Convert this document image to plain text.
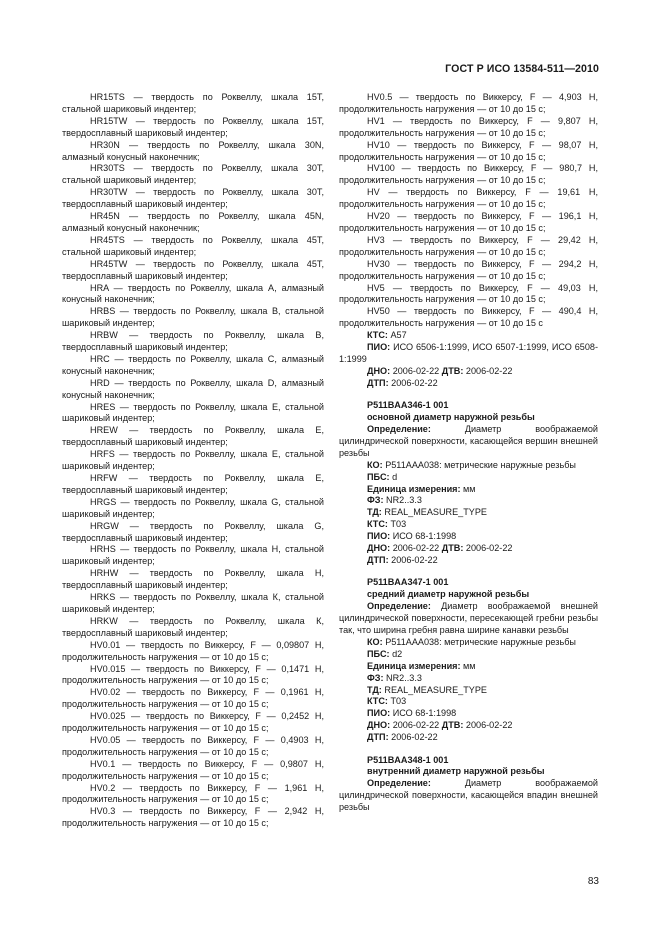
ГОСТ Р ИСО 13584-511—2010

HR15TS — твердость по Роквеллу, шкала 15T, стальной шариковый индентер;

HR15TW — твердость по Роквеллу, шкала 15T, твердосплавный шариковый индентер;

HR30N — твердость по Роквеллу, шкала 30N, алмазный конусный наконечник;

HR30TS — твердость по Роквеллу, шкала 30T, стальной шариковый индентер;

HR30TW — твердость по Роквеллу, шкала 30T, твердосплавный шариковый индентер;

HR45N — твердость по Роквеллу, шкала 45N, алмазный конусный наконечник;

HR45TS — твердость по Роквеллу, шкала 45T, стальной шариковый индентер;

HR45TW — твердость по Роквеллу, шкала 45T, твердосплавный шариковый индентер;

HRA — твердость по Роквеллу, шкала А, алмазный конусный наконечник;

HRBS — твердость по Роквеллу, шкала В, стальной шариковый индентер;

HRBW — твердость по Роквеллу, шкала В, твердосплавный шариковый индентер;

HRC — твердость по Роквеллу, шкала С, алмазный конусный наконечник;

HRD — твердость по Роквеллу, шкала D, алмазный конусный наконечник;

HRES — твердость по Роквеллу, шкала Е, стальной шариковый индентер;

HREW — твердость по Роквеллу, шкала Е, твердосплавный шариковый индентер;

HRFS — твердость по Роквеллу, шкала Е, стальной шариковый индентер;

HRFW — твердость по Роквеллу, шкала Е, твердосплавный шариковый индентер;

HRGS — твердость по Роквеллу, шкала G, стальной шариковый индентер;

HRGW — твердость по Роквеллу, шкала G, твердосплавный шариковый индентер;

HRHS — твердость по Роквеллу, шкала Н, стальной шариковый индентер;

HRHW — твердость по Роквеллу, шкала Н, твердосплавный шариковый индентер;

HRKS — твердость по Роквеллу, шкала К, стальной шариковый индентер;

HRKW — твердость по Роквеллу, шкала К, твердосплавный шариковый индентер;

HV0.01 — твердость по Виккерсу, F — 0,09807 Н, продолжительность нагружения — от 10 до 15 с;

HV0.015 — твердость по Виккерсу, F — 0,1471 Н, продолжительность нагружения — от 10 до 15 с;

HV0.02 — твердость по Виккерсу, F — 0,1961 Н, продолжительность нагружения — от 10 до 15 с;

HV0.025 — твердость по Виккерсу, F — 0,2452 Н, продолжительность нагружения — от 10 до 15 с;

HV0.05 — твердость по Виккерсу, F — 0,4903 Н, продолжительность нагружения — от 10 до 15 с;

HV0.1 — твердость по Виккерсу, F — 0,9807 Н, продолжительность нагружения — от 10 до 15 с;

HV0.2 — твердость по Виккерсу, F — 1,961 Н, продолжительность нагружения — от 10 до 15 с;

HV0.3 — твердость по Виккерсу, F — 2,942 Н, продолжительность нагружения — от 10 до 15 с;

HV0.5 — твердость по Виккерсу, F — 4,903 Н, продолжительность нагружения — от 10 до 15 с;

HV1 — твердость по Виккерсу, F — 9,807 Н, продолжительность нагружения — от 10 до 15 с;

HV10 — твердость по Виккерсу, F — 98,07 Н, продолжительность нагружения — от 10 до 15 с;

HV100 — твердость по Виккерсу, F — 980,7 Н, продолжительность нагружения — от 10 до 15 с;

HV — твердость по Виккерсу, F — 19,61 Н, продолжительность нагружения — от 10 до 15 с;

HV20 — твердость по Виккерсу, F — 196,1 Н, продолжительность нагружения — от 10 до 15 с;

HV3 — твердость по Виккерсу, F — 29,42 Н, продолжительность нагружения — от 10 до 15 с;

HV30 — твердость по Виккерсу, F — 294,2 Н, продолжительность нагружения — от 10 до 15 с;

HV5 — твердость по Виккерсу, F — 49,03 Н, продолжительность нагружения — от 10 до 15 с;

HV50 — твердость по Виккерсу, F — 490,4 Н, продолжительность нагружения — от 10 до 15 с

КТС: А57

ПИО: ИСО 6506-1:1999, ИСО 6507-1:1999, ИСО 6508-1:1999

ДНО: 2006-02-22 ДТВ: 2006-02-22

ДТП: 2006-02-22

P511BAA346-1 001

основной диаметр наружной резьбы

Определение:	Диаметр воображаемой цилиндрической поверхности, касающейся вершин внешней резьбы

КО: P511AAA038: метрические наружные резьбы

ПБС: d

Единица измерения: мм

ФЗ: NR2..3.3

ТД: REAL_MEASURE_TYPE

КТС: Т03

ПИО: ИСО 68-1:1998

ДНО: 2006-02-22 ДТВ: 2006-02-22

ДТП: 2006-02-22

P511BAA347-1 001

средний диаметр наружной резьбы

Определение: Диаметр воображаемой внешней цилиндрической поверхности, пересекающей гребни резьбы так, что ширина гребня равна ширине канавки резьбы

КО: P511AAA038: метрические наружные резьбы

ПБС: d2

Единица измерения: мм

ФЗ: NR2..3.3

ТД: REAL_MEASURE_TYPE

КТС: Т03

ПИО: ИСО 68-1:1998

ДНО: 2006-02-22 ДТВ: 2006-02-22

ДТП: 2006-02-22

P511BAA348-1 001

внутренний диаметр наружной резьбы

Определение:	Диаметр воображаемой цилиндрической поверхности, касающейся впадин внешней резьбы

83
